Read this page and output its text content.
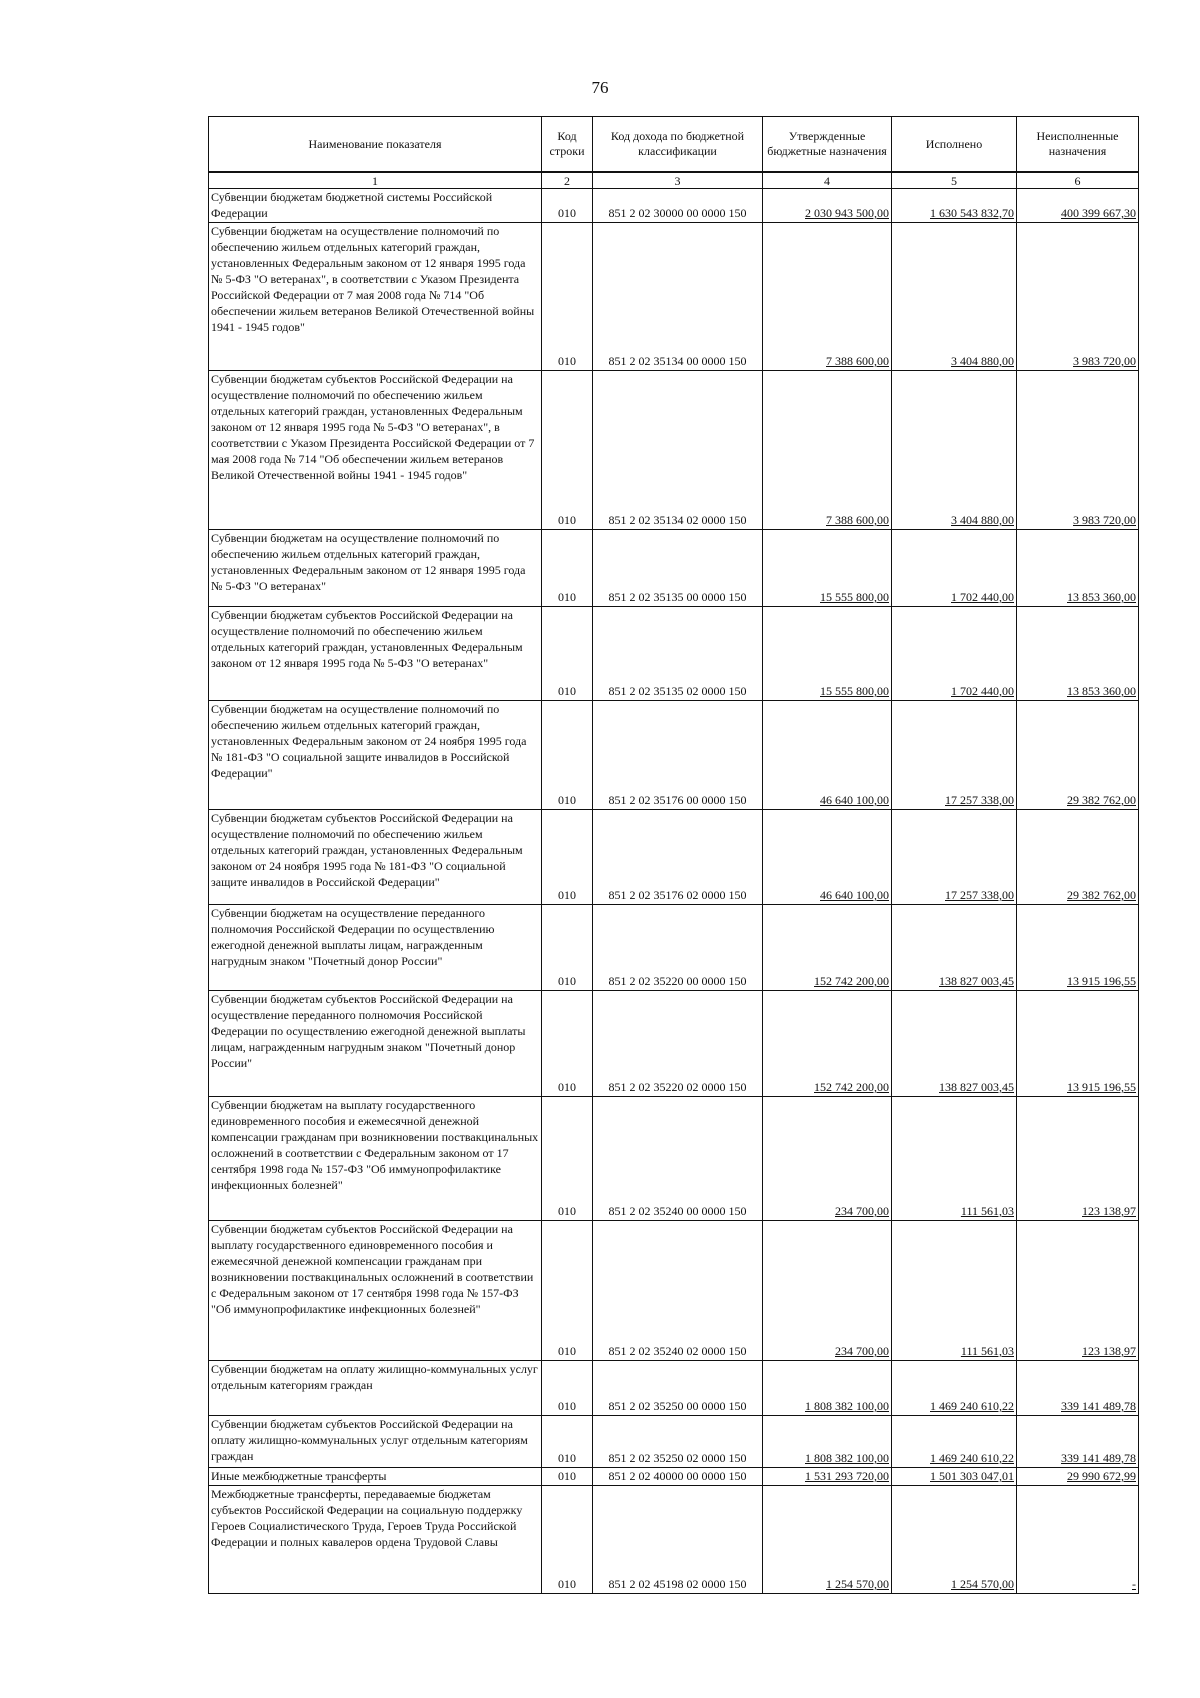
76
Наименование показателя	Код строки	Код дохода по бюджетной классификации	Утвержденные бюджетные назначения	Исполнено	Неисполненные назначения
1	2	3	4	5	6
Субвенции бюджетам бюджетной системы Российской Федерации	010	851 2 02 30000 00 0000 150	2 030 943 500,00	1 630 543 832,70	400 399 667,30
Субвенции бюджетам на осуществление полномочий по обеспечению жильем отдельных категорий граждан, установленных Федеральным законом от 12 января 1995 года № 5-ФЗ "О ветеранах", в соответствии с Указом Президента Российской Федерации от 7 мая 2008 года № 714 "Об обеспечении жильем ветеранов Великой Отечественной войны 1941 - 1945 годов"	010	851 2 02 35134 00 0000 150	7 388 600,00	3 404 880,00	3 983 720,00
Субвенции бюджетам субъектов Российской Федерации на осуществление полномочий по обеспечению жильем отдельных категорий граждан, установленных Федеральным законом от 12 января 1995 года № 5-ФЗ "О ветеранах", в соответствии с Указом Президента Российской Федерации от 7 мая 2008 года № 714 "Об обеспечении жильем ветеранов Великой Отечественной войны 1941 - 1945 годов"	010	851 2 02 35134 02 0000 150	7 388 600,00	3 404 880,00	3 983 720,00
Субвенции бюджетам на осуществление полномочий по обеспечению жильем отдельных категорий граждан, установленных Федеральным законом от 12 января 1995 года № 5-ФЗ "О ветеранах"	010	851 2 02 35135 00 0000 150	15 555 800,00	1 702 440,00	13 853 360,00
Субвенции бюджетам субъектов Российской Федерации на осуществление полномочий по обеспечению жильем отдельных категорий граждан, установленных Федеральным законом от 12 января 1995 года № 5-ФЗ "О ветеранах"	010	851 2 02 35135 02 0000 150	15 555 800,00	1 702 440,00	13 853 360,00
Субвенции бюджетам на осуществление полномочий по обеспечению жильем отдельных категорий граждан, установленных Федеральным законом от 24 ноября 1995 года № 181-ФЗ "О социальной защите инвалидов в Российской Федерации"	010	851 2 02 35176 00 0000 150	46 640 100,00	17 257 338,00	29 382 762,00
Субвенции бюджетам субъектов Российской Федерации на осуществление полномочий по обеспечению жильем отдельных категорий граждан, установленных Федеральным законом от 24 ноября 1995 года № 181-ФЗ "О социальной защите инвалидов в Российской Федерации"	010	851 2 02 35176 02 0000 150	46 640 100,00	17 257 338,00	29 382 762,00
Субвенции бюджетам на осуществление переданного полномочия Российской Федерации по осуществлению ежегодной денежной выплаты лицам, награжденным нагрудным знаком "Почетный донор России"	010	851 2 02 35220 00 0000 150	152 742 200,00	138 827 003,45	13 915 196,55
Субвенции бюджетам субъектов Российской Федерации на осуществление переданного полномочия Российской Федерации по осуществлению ежегодной денежной выплаты лицам, награжденным нагрудным знаком "Почетный донор России"	010	851 2 02 35220 02 0000 150	152 742 200,00	138 827 003,45	13 915 196,55
Субвенции бюджетам на выплату государственного единовременного пособия и ежемесячной денежной компенсации гражданам при возникновении поствакцинальных осложнений в соответствии с Федеральным законом от 17 сентября 1998 года № 157-ФЗ "Об иммунопрофилактике инфекционных болезней"	010	851 2 02 35240 00 0000 150	234 700,00	111 561,03	123 138,97
Субвенции бюджетам субъектов Российской Федерации на выплату государственного единовременного пособия и ежемесячной денежной компенсации гражданам при возникновении поствакцинальных осложнений в соответствии с Федеральным законом от 17 сентября 1998 года № 157-ФЗ "Об иммунопрофилактике инфекционных болезней"	010	851 2 02 35240 02 0000 150	234 700,00	111 561,03	123 138,97
Субвенции бюджетам на оплату жилищно-коммунальных услуг отдельным категориям граждан	010	851 2 02 35250 00 0000 150	1 808 382 100,00	1 469 240 610,22	339 141 489,78
Субвенции бюджетам субъектов Российской Федерации на оплату жилищно-коммунальных услуг отдельным категориям граждан	010	851 2 02 35250 02 0000 150	1 808 382 100,00	1 469 240 610,22	339 141 489,78
Иные межбюджетные трансферты	010	851 2 02 40000 00 0000 150	1 531 293 720,00	1 501 303 047,01	29 990 672,99
Межбюджетные трансферты, передаваемые бюджетам субъектов Российской Федерации на социальную поддержку Героев Социалистического Труда, Героев Труда Российской Федерации и полных кавалеров ордена Трудовой Славы	010	851 2 02 45198 02 0000 150	1 254 570,00	1 254 570,00	-
